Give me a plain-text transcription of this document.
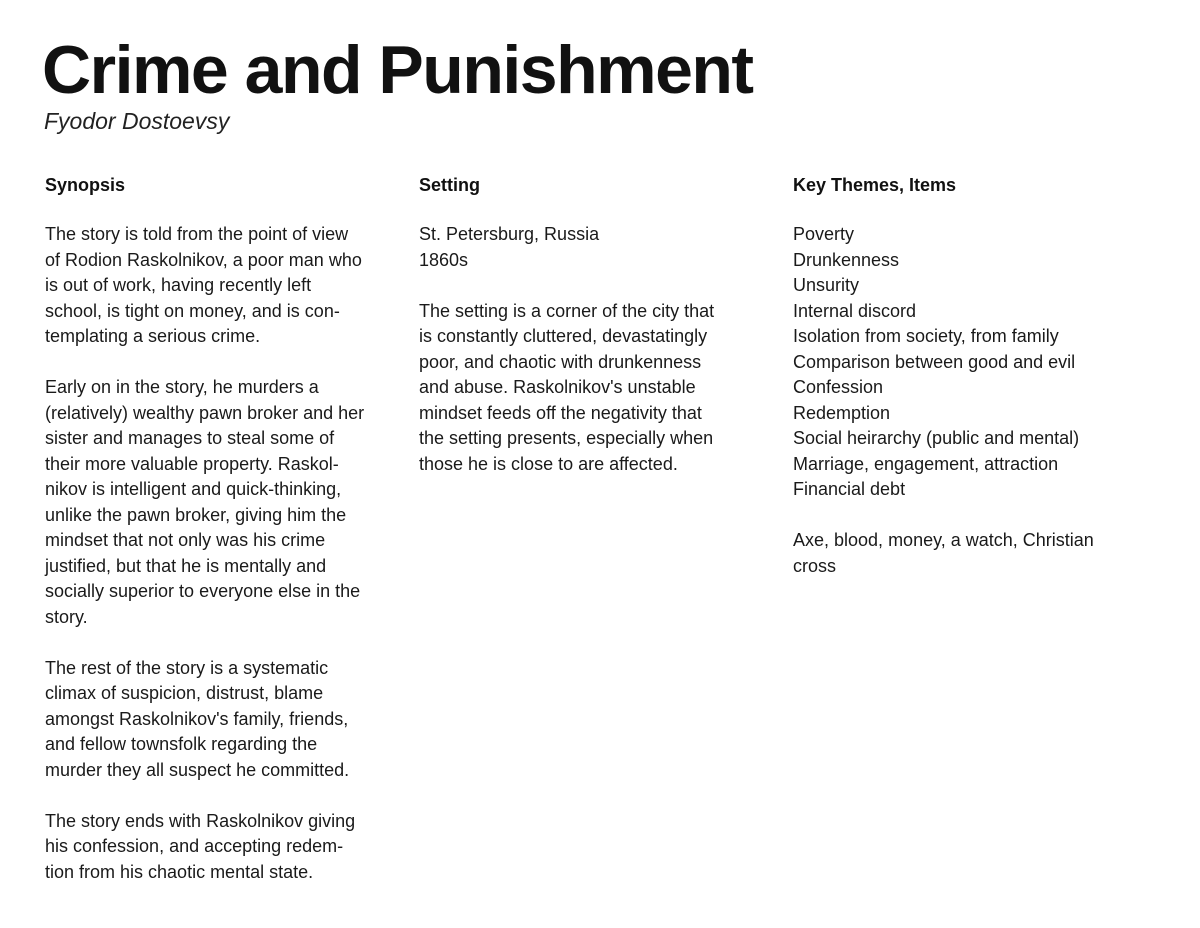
Crime and Punishment
Fyodor Dostoevsy
Synopsis

The story is told from the point of view
of Rodion Raskolnikov, a poor man who
is out of work, having recently left
school, is tight on money, and is con-
templating a serious crime.

Early on in the story, he murders a
(relatively) wealthy pawn broker and her
sister and manages to steal some of
their more valuable property. Raskol-
nikov is intelligent and quick-thinking,
unlike the pawn broker, giving him the
mindset that not only was his crime
justified, but that he is mentally and
socially superior to everyone else in the
story.

The rest of the story is a systematic
climax of suspicion, distrust, blame
amongst Raskolnikov's family, friends,
and fellow townsfolk regarding the
murder they all suspect he committed.

The story ends with Raskolnikov giving
his confession, and accepting redem-
tion from his chaotic mental state.

Setting

St. Petersburg, Russia
1860s

The setting is a corner of the city that
is constantly cluttered, devastatingly
poor, and chaotic with drunkenness
and abuse. Raskolnikov's unstable
mindset feeds off the negativity that
the setting presents, especially when
those he is close to are affected.

Key Themes, Items
Poverty
Drunkenness
Unsurity
Internal discord
Isolation from society, from family
Comparison between good and evil
Confession
Redemption
Social heirarchy (public and mental)
Marriage, engagement, attraction
Financial debt

Axe, blood, money, a watch, Christian
cross
